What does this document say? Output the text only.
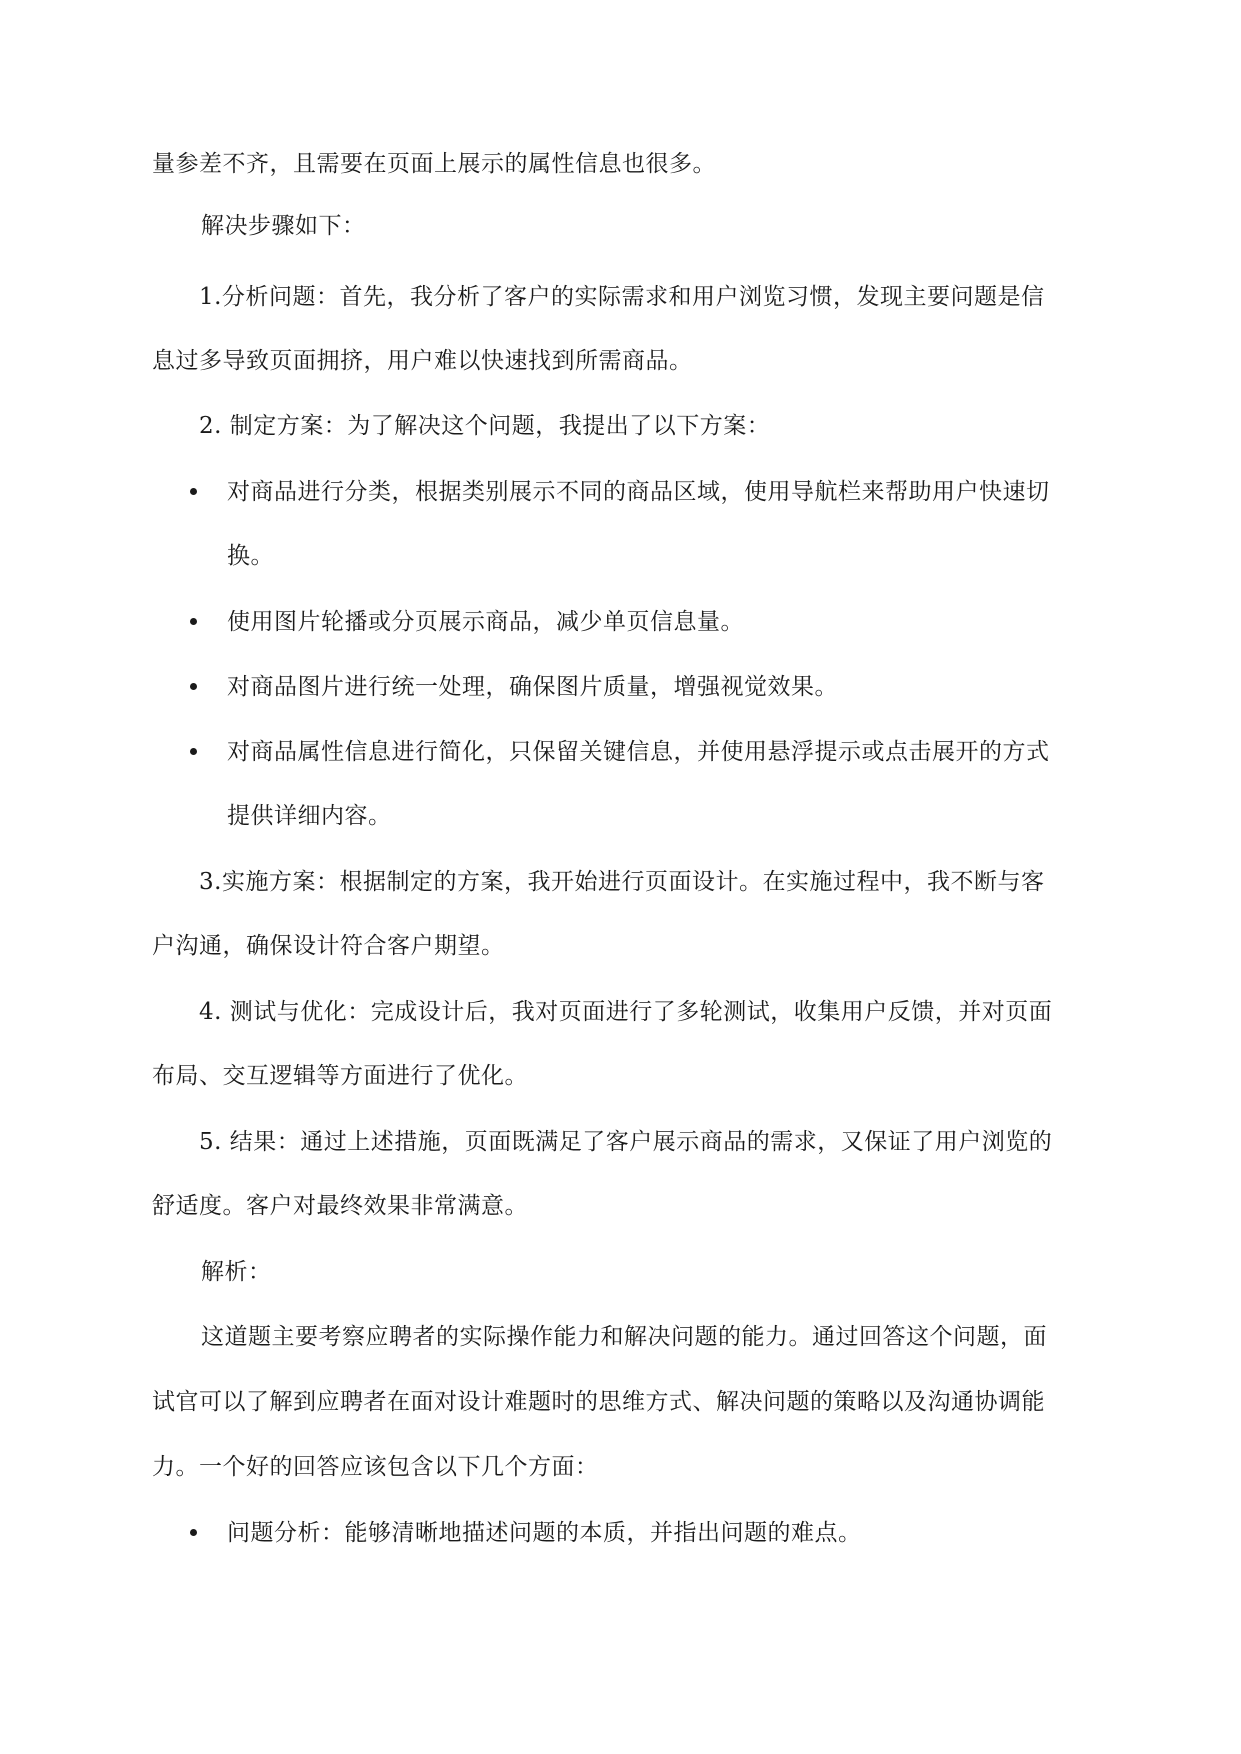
量参差不齐，且需要在页面上展示的属性信息也很多。
解决步骤如下：
1.分析问题：首先，我分析了客户的实际需求和用户浏览习惯，发现主要问题是信
息过多导致页面拥挤，用户难以快速找到所需商品。
2. 制定方案：为了解决这个问题，我提出了以下方案：
对商品进行分类，根据类别展示不同的商品区域，使用导航栏来帮助用户快速切
换。
使用图片轮播或分页展示商品，减少单页信息量。
对商品图片进行统一处理，确保图片质量，增强视觉效果。
对商品属性信息进行简化，只保留关键信息，并使用悬浮提示或点击展开的方式
提供详细内容。
3.实施方案：根据制定的方案，我开始进行页面设计。在实施过程中，我不断与客
户沟通，确保设计符合客户期望。
4. 测试与优化：完成设计后，我对页面进行了多轮测试，收集用户反馈，并对页面
布局、交互逻辑等方面进行了优化。
5. 结果：通过上述措施，页面既满足了客户展示商品的需求，又保证了用户浏览的
舒适度。客户对最终效果非常满意。
解析：
这道题主要考察应聘者的实际操作能力和解决问题的能力。通过回答这个问题，面
试官可以了解到应聘者在面对设计难题时的思维方式、解决问题的策略以及沟通协调能
力。一个好的回答应该包含以下几个方面：
问题分析：能够清晰地描述问题的本质，并指出问题的难点。
